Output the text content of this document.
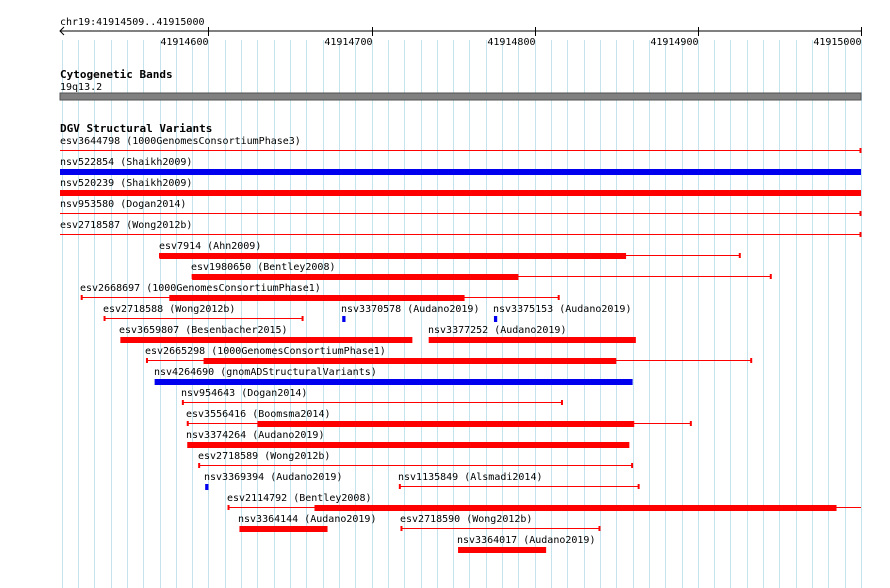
chr19:41914509..41915000
41914600	41914700	41914800	41914900	41915000
Cytogenetic Bands
19q13.2
DGV Structural Variants
esv3644798 (1000GenomesConsortiumPhase3)
nsv522854 (Shaikh2009)
nsv520239 (Shaikh2009)
nsv953580 (Dogan2014)
esv2718587 (Wong2012b)
esv7914 (Ahn2009)
esv1980650 (Bentley2008)
esv2668697 (1000GenomesConsortiumPhase1)
esv2718588 (Wong2012b)	nsv3370578 (Audano2019) nsv3375153 (Audano2019)
esv3659807 (Besenbacher2015)	nsv3377252 (Audano2019)
esv2665298 (1000GenomesConsortiumPhase1)
nsv4264690 (gnomADStructuralVariants)
nsv954643 (Dogan2014)
esv3556416 (Boomsma2014)
nsv3374264 (Audano2019)
esv2718589 (Wong2012b)
nsv3369394 (Audano2019)	nsv1135849 (Alsmadi2014)
esv2114792 (Bentley2008)
nsv3364144 (Audano2019) esv2718590 (Wong2012b)
nsv3364017 (Audano2019)
